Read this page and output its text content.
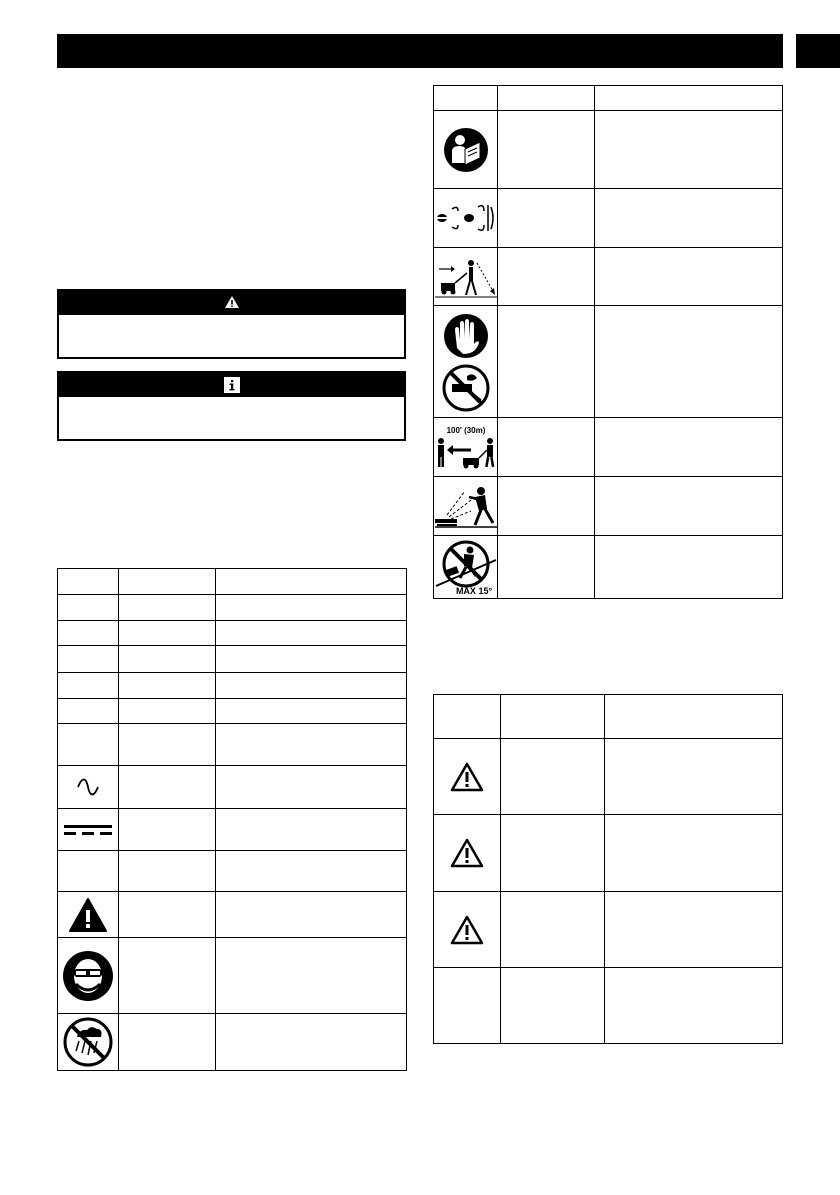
100' (30m)		

MAX 15°		
